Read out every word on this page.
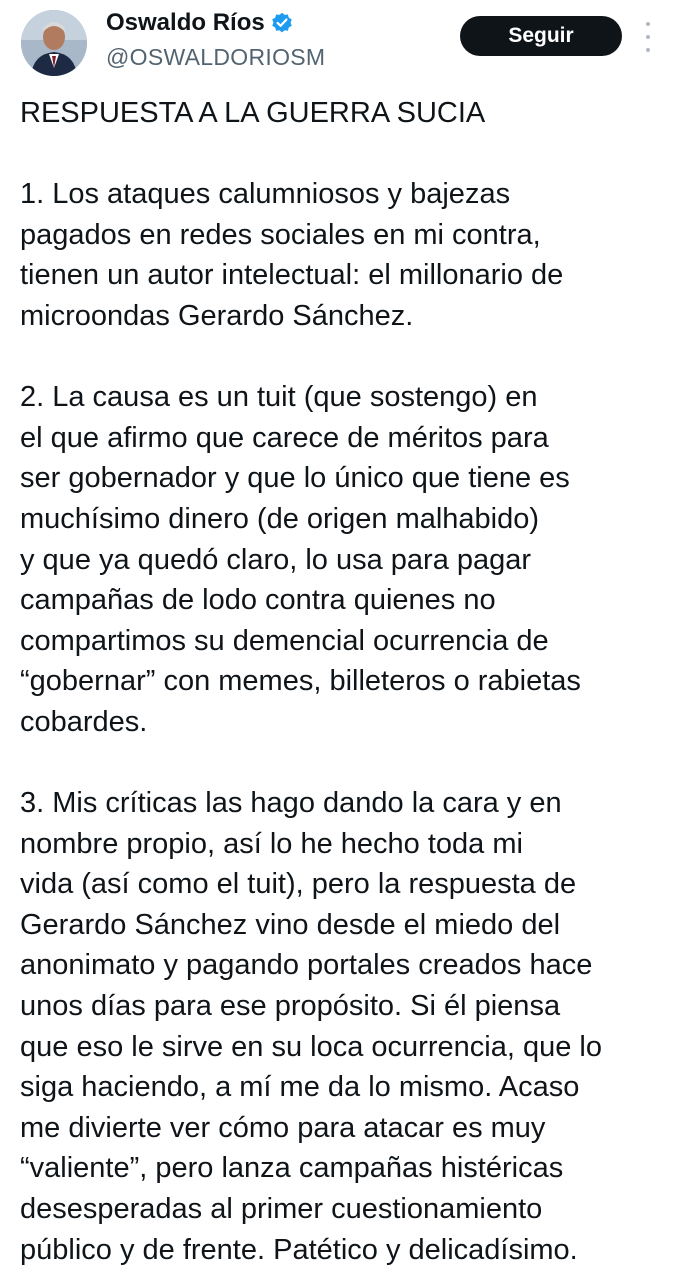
Oswaldo Ríos
@OSWALDORIOSM
Seguir

RESPUESTA A LA GUERRA SUCIA

1. Los ataques calumniosos y bajezas

pagados en redes sociales en mi contra,

tienen un autor intelectual: el millonario de

microondas Gerardo Sánchez.

2. La causa es un tuit (que sostengo) en

el que afirmo que carece de méritos para

ser gobernador y que lo único que tiene es

muchísimo dinero (de origen malhabido)

y que ya quedó claro, lo usa para pagar

campañas de lodo contra quienes no

compartimos su demencial ocurrencia de

“gobernar” con memes, billeteros o rabietas

cobardes.

3. Mis críticas las hago dando la cara y en

nombre propio, así lo he hecho toda mi

vida (así como el tuit), pero la respuesta de

Gerardo Sánchez vino desde el miedo del

anonimato y pagando portales creados hace

unos días para ese propósito. Si él piensa

que eso le sirve en su loca ocurrencia, que lo

siga haciendo, a mí me da lo mismo. Acaso

me divierte ver cómo para atacar es muy

“valiente”, pero lanza campañas histéricas

desesperadas al primer cuestionamiento

público y de frente. Patético y delicadísimo.
